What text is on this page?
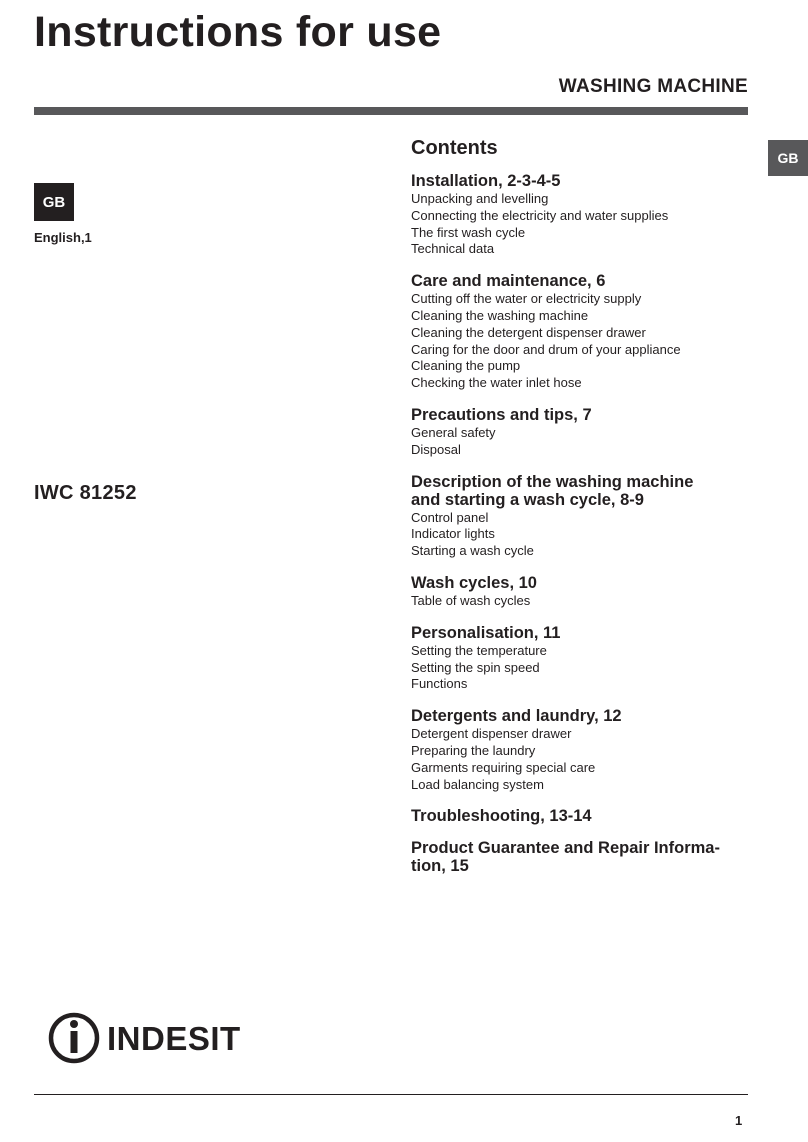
Instructions for use
WASHING MACHINE
GB
GB
English,1
IWC 81252
Contents
Installation, 2-3-4-5
Unpacking and levelling
Connecting the electricity and water supplies
The first wash cycle
Technical data
Care and maintenance, 6
Cutting off the water or electricity supply
Cleaning the washing machine
Cleaning the detergent dispenser drawer
Caring for the door and drum of your appliance
Cleaning the pump
Checking the water inlet hose
Precautions and tips, 7
General safety
Disposal
Description of the washing machine
and starting a wash cycle, 8-9
Control panel
Indicator lights
Starting a wash cycle
Wash cycles, 10
Table of wash cycles
Personalisation, 11
Setting the temperature
Setting the spin speed
Functions
Detergents and laundry, 12
Detergent dispenser drawer
Preparing the laundry
Garments requiring special care
Load balancing system
Troubleshooting, 13-14
Product Guarantee and Repair Informa-
tion, 15
INDESIT
1
